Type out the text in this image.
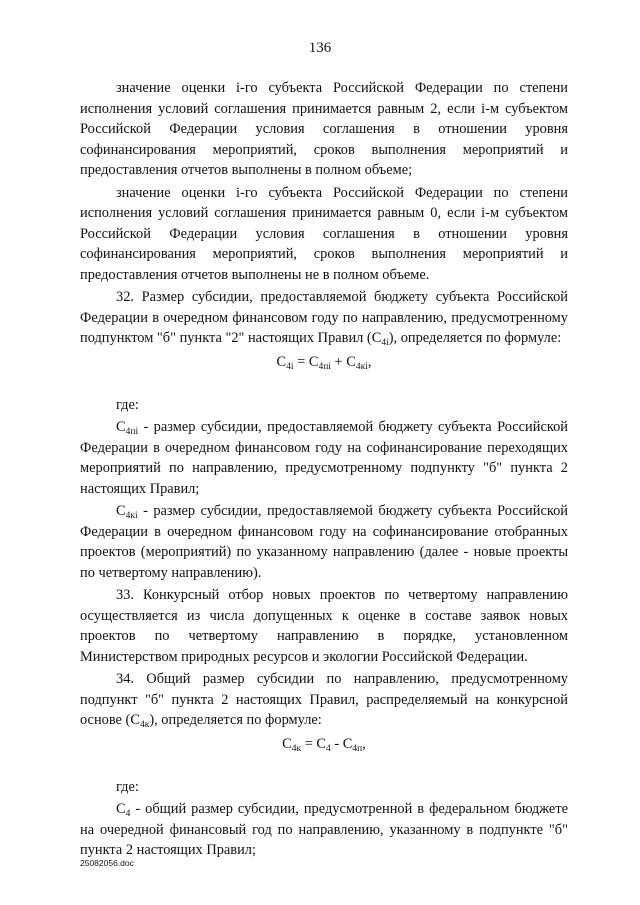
136

значение оценки i-го субъекта Российской Федерации по степени исполнения условий соглашения принимается равным 2, если i-м субъектом Российской Федерации условия соглашения в отношении уровня софинансирования мероприятий, сроков выполнения мероприятий и предоставления отчетов выполнены в полном объеме;

значение оценки i-го субъекта Российской Федерации по степени исполнения условий соглашения принимается равным 0, если i-м субъектом Российской Федерации условия соглашения в отношении уровня софинансирования мероприятий, сроков выполнения мероприятий и предоставления отчетов выполнены не в полном объеме.

32. Размер субсидии, предоставляемой бюджету субъекта Российской Федерации в очередном финансовом году по направлению, предусмотренному подпунктом "б" пункта "2" настоящих Правил $(C_{4i})$, определяется по формуле:

$C_{4i} = C_{4пi} + C_{4кi}$,

где:

$C_{4пi}$ - размер субсидии, предоставляемой бюджету субъекта Российской Федерации в очередном финансовом году на софинансирование переходящих мероприятий по направлению, предусмотренному подпункту "б" пункта 2 настоящих Правил;

$C_{4кi}$ - размер субсидии, предоставляемой бюджету субъекта Российской Федерации в очередном финансовом году на софинансирование отобранных проектов (мероприятий) по указанному направлению (далее - новые проекты по четвертому направлению).

33. Конкурсный отбор новых проектов по четвертому направлению осуществляется из числа допущенных к оценке в составе заявок новых проектов по четвертому направлению в порядке, установленном Министерством природных ресурсов и экологии Российской Федерации.

34. Общий размер субсидии по направлению, предусмотренному подпункт "б" пункта 2 настоящих Правил, распределяемый на конкурсной основе $(C_{4к})$, определяется по формуле:

$C_{4к} = C_4 - C_{4п}$,

где:

$C_4$ - общий размер субсидии, предусмотренной в федеральном бюджете на очередной финансовый год по направлению, указанному в подпункте "б" пункта 2 настоящих Правил;

25082056.doc
